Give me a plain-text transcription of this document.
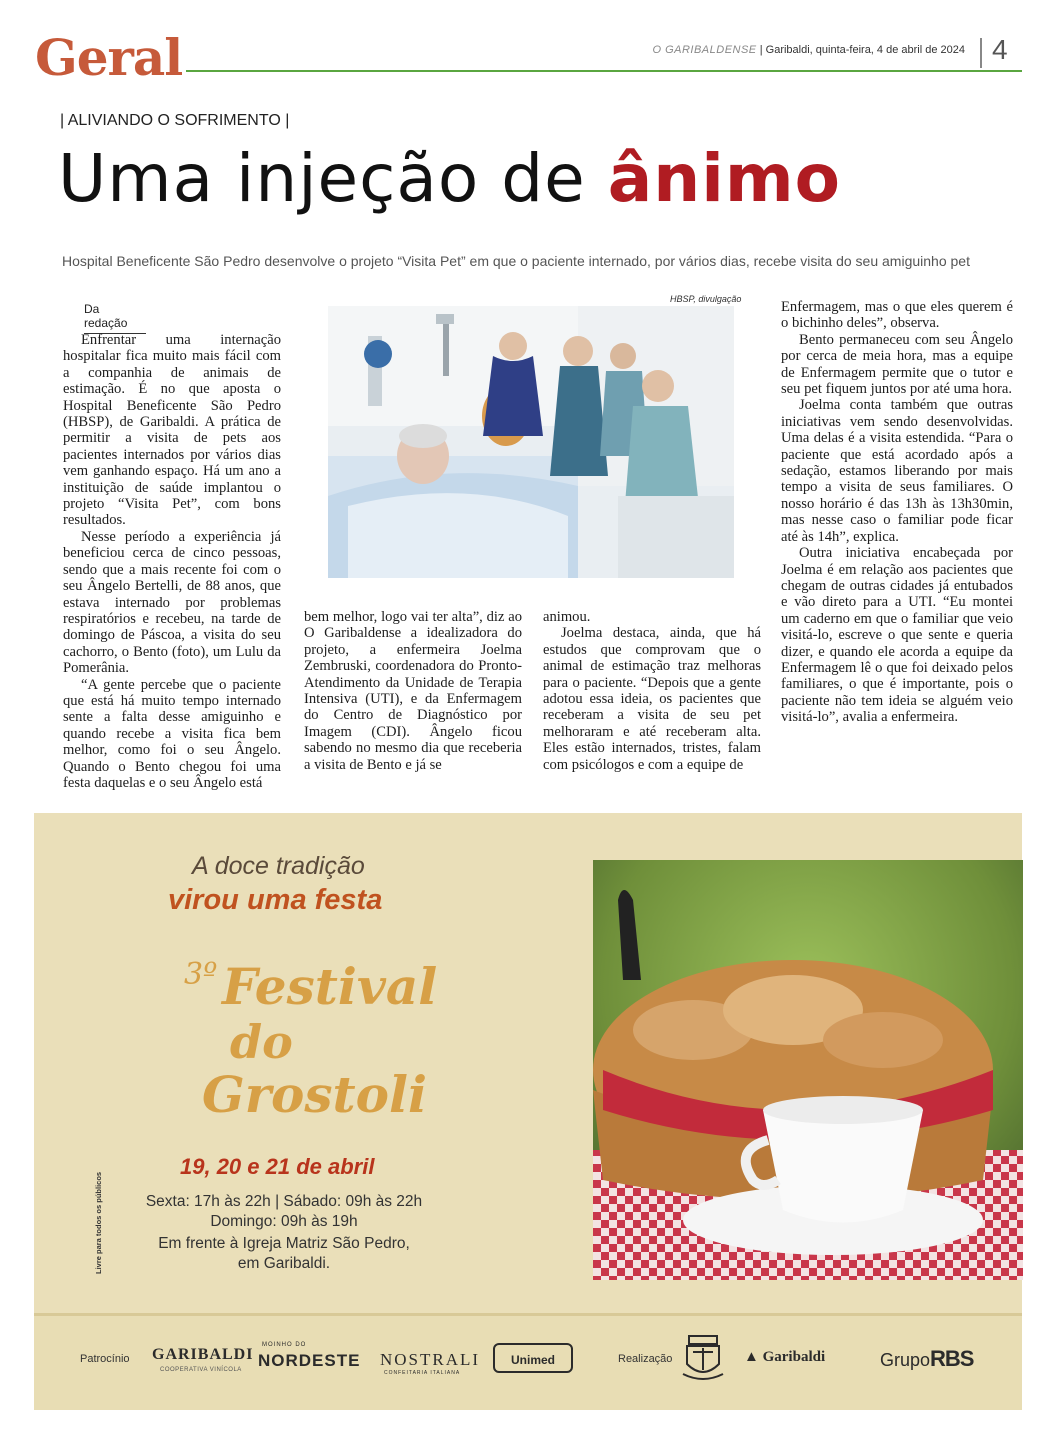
Geral	O GARIBALDENSE | Garibaldi, quinta-feira, 4 de abril de 2024 4
| ALIVIANDO O SOFRIMENTO |
Uma injeção de ânimo
Hospital Beneficente São Pedro desenvolve o projeto “Visita Pet” em que o paciente internado, por vários dias, recebe visita do seu amiguinho pet
Da redação

Enfrentar uma internação hospitalar fica muito mais fácil com a companhia de animais de estimação. É no que aposta o Hospital Beneficente São Pedro (HBSP), de Garibaldi. A prática de permitir a visita de pets aos pacientes internados por vários dias vem ganhando espaço. Há um ano a instituição de saúde implantou o projeto “Visita Pet”, com bons resultados.

Nesse período a experiência já beneficiou cerca de cinco pessoas, sendo que a mais recente foi com o seu Ângelo Bertelli, de 88 anos, que estava internado por problemas respiratórios e recebeu, na tarde de domingo de Páscoa, a visita do seu cachorro, o Bento (foto), um Lulu da Pomerânia.

“A gente percebe que o paciente que está há muito tempo internado sente a falta desse amiguinho e quando recebe a visita fica bem melhor, como foi o seu Ângelo. Quando o Bento chegou foi uma festa daquelas e o seu Ângelo está

HBSP, divulgação

bem melhor, logo vai ter alta”, diz ao O Garibaldense a idealizadora do projeto, a enfermeira Joelma Zembruski, coordenadora do Pronto-Atendimento da Unidade de Terapia Intensiva (UTI), e da Enfermagem do Centro de Diagnóstico por Imagem (CDI). Ângelo ficou sabendo no mesmo dia que receberia a visita de Bento e já se

animou.

Joelma destaca, ainda, que há estudos que comprovam que o animal de estimação traz melhoras para o paciente. “Depois que a gente adotou essa ideia, os pacientes que receberam a visita de seu pet melhoraram e até receberam alta. Eles estão internados, tristes, falam com psicólogos e com a equipe de

Enfermagem, mas o que eles querem é o bichinho deles”, observa.

Bento permaneceu com seu Ângelo por cerca de meia hora, mas a equipe de Enfermagem permite que o tutor e seu pet fiquem juntos por até uma hora.

Joelma conta também que outras iniciativas vem sendo desenvolvidas. Uma delas é a visita estendida. “Para o paciente que está acordado após a sedação, estamos liberando por mais tempo a visita de seus familiares. O nosso horário é das 13h às 13h30min, mas nesse caso o familiar pode ficar até às 14h”, explica.

Outra iniciativa encabeçada por Joelma é em relação aos pacientes que chegam de outras cidades já entubados e vão direto para a UTI. “Eu montei um caderno em que o familiar que veio visitá-lo, escreve o que sente e queria dizer, e quando ele acorda a equipe da Enfermagem lê o que foi deixado pelos familiares, o que é importante, pois o paciente não tem ideia se alguém veio visitá-lo”, avalia a enfermeira.

A doce tradição
virou uma festa
3º Festival
do
Grostoli
19, 20 e 21 de abril
Sexta: 17h às 22h | Sábado: 09h às 22h
Domingo: 09h às 19h
Em frente à Igreja Matriz São Pedro,
em Garibaldi.
Livre para todos os públicos
Patrocínio GARIBALDI
COOPERATIVA VINÍCOLA
MOINHO DO
NORDESTE NOSTRALI
CONFEITARIA ITALIANA
Unimed	Realização	▲ Garibaldi	GrupoRBS
